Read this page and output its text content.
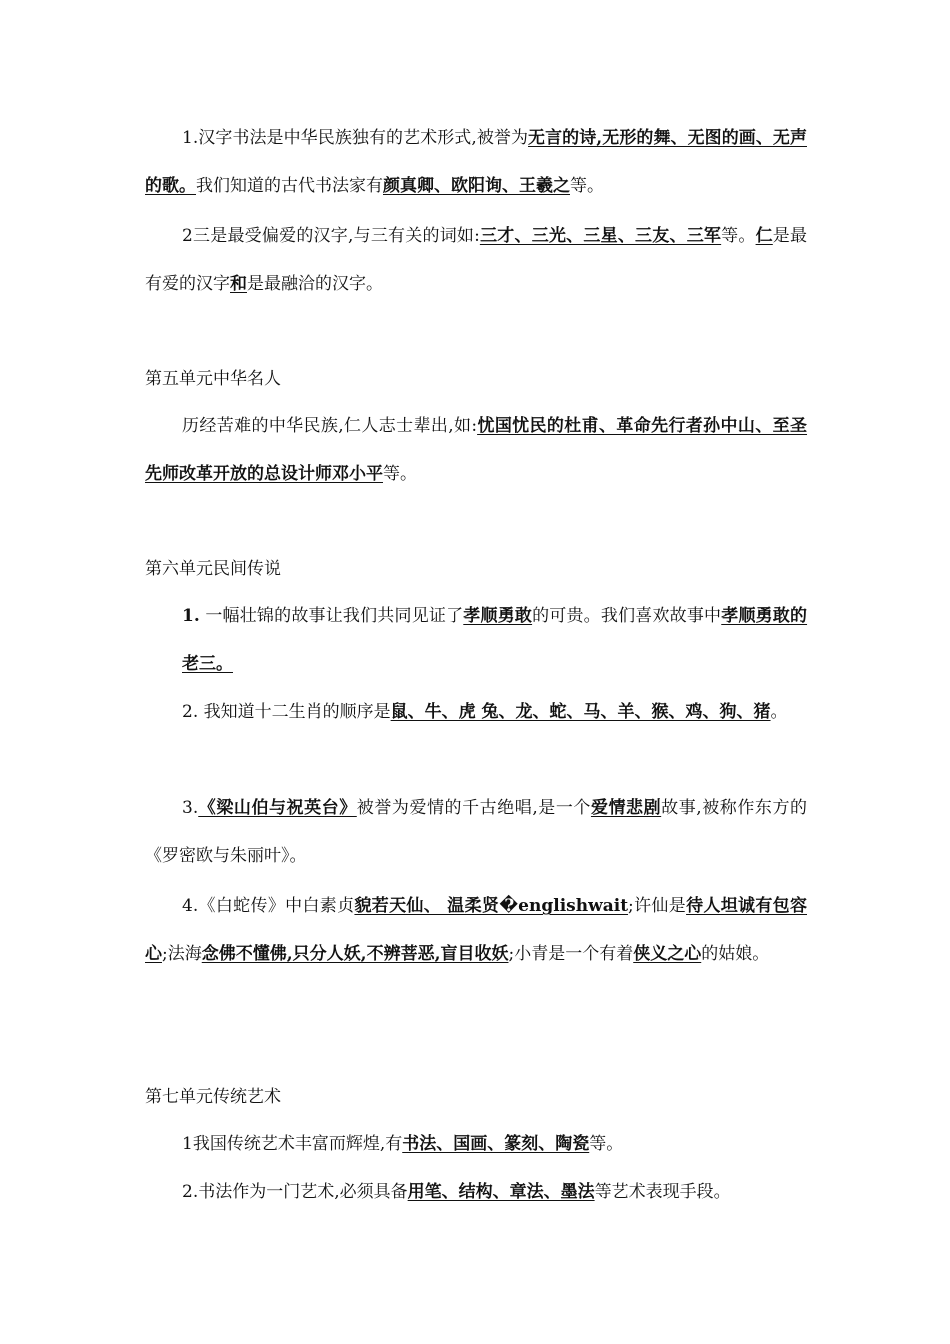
1.汉字书法是中华民族独有的艺术形式,被誉为无言的诗,无形的舞、无图的画、无声的歌。我们知道的古代书法家有颜真卿、欧阳询、王羲之等。
2三是最受偏爱的汉字,与三有关的词如:三才、三光、三星、三友、三军等。仁是最有爱的汉字和是最融洽的汉字。
第五单元中华名人
历经苦难的中华民族,仁人志士辈出,如:忧国忧民的杜甫、革命先行者孙中山、至圣先师改革开放的总设计师邓小平等。
第六单元民间传说
1. 一幅壮锦的故事让我们共同见证了孝顺勇敢的可贵。我们喜欢故事中孝顺勇敢的老三。
2. 我知道十二生肖的顺序是鼠、牛、虎 兔、龙、蛇、马、羊、猴、鸡、狗、猪。
3.《梁山伯与祝英台》被誉为爱情的千古绝唱,是一个爱情悲剧故事,被称作东方的《罗密欧与朱丽叶》。
4.《白蛇传》中白素贞貌若天仙、 温柔贤�englishwait;许仙是待人坦诚有包容心;法海念佛不懂佛,只分人妖,不辨菩恶,盲目收妖;小青是一个有着侠义之心的姑娘。
第七单元传统艺术
1我国传统艺术丰富而辉煌,有书法、国画、篆刻、陶瓷等。
2.书法作为一门艺术,必须具备用笔、结构、章法、墨法等艺术表现手段。
